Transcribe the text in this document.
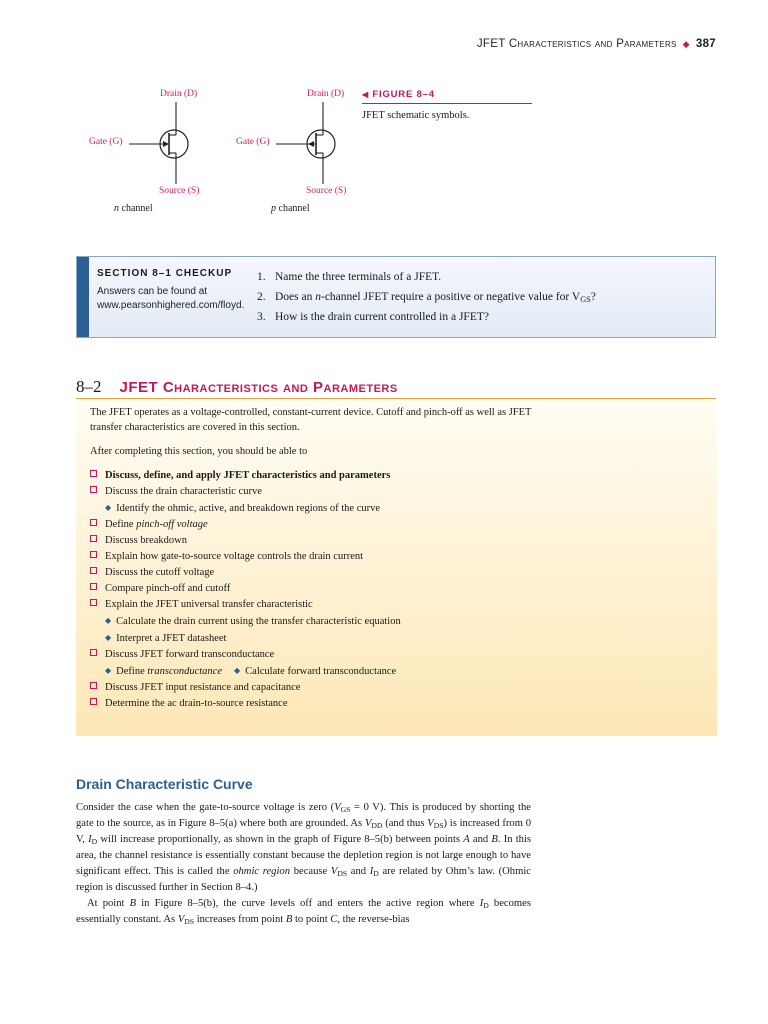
JFET Characteristics and Parameters ◆ 387
Drain (D)
Gate (G)
Source (S)
n channel
Drain (D)
Gate (G)
Source (S)
p channel
◀ FIGURE 8–4
JFET schematic symbols.
SECTION 8–1 CHECKUP
Answers can be found at www.pearsonhighered.com/floyd.
1. Name the three terminals of a JFET.
2. Does an n-channel JFET require a positive or negative value for $V_{GS}$?
3. How is the drain current controlled in a JFET?
8–2 JFET Characteristics and Parameters
The JFET operates as a voltage-controlled, constant-current device. Cutoff and pinch-off as well as JFET transfer characteristics are covered in this section.
After completing this section, you should be able to
Discuss, define, and apply JFET characteristics and parameters
Discuss the drain characteristic curve
◆ Identify the ohmic, active, and breakdown regions of the curve
Define pinch-off voltage
Discuss breakdown
Explain how gate-to-source voltage controls the drain current
Discuss the cutoff voltage
Compare pinch-off and cutoff
Explain the JFET universal transfer characteristic
◆ Calculate the drain current using the transfer characteristic equation
◆ Interpret a JFET datasheet
Discuss JFET forward transconductance
◆ Define transconductance ◆ Calculate forward transconductance
Discuss JFET input resistance and capacitance
Determine the ac drain-to-source resistance
Drain Characteristic Curve

Consider the case when the gate-to-source voltage is zero ($V_{GS} = 0$ V). This is produced by shorting the gate to the source, as in Figure 8–5(a) where both are grounded. As $V_{DD}$ (and thus $V_{DS}$) is increased from 0 V, $I_D$ will increase proportionally, as shown in the graph of Figure 8–5(b) between points A and B. In this area, the channel resistance is essentially constant because the depletion region is not large enough to have significant effect. This is called the ohmic region because $V_{DS}$ and $I_D$ are related by Ohm’s law. (Ohmic region is discussed further in Section 8–4.)

At point B in Figure 8–5(b), the curve levels off and enters the active region where $I_D$ becomes essentially constant. As $V_{DS}$ increases from point B to point C, the reverse-bias
